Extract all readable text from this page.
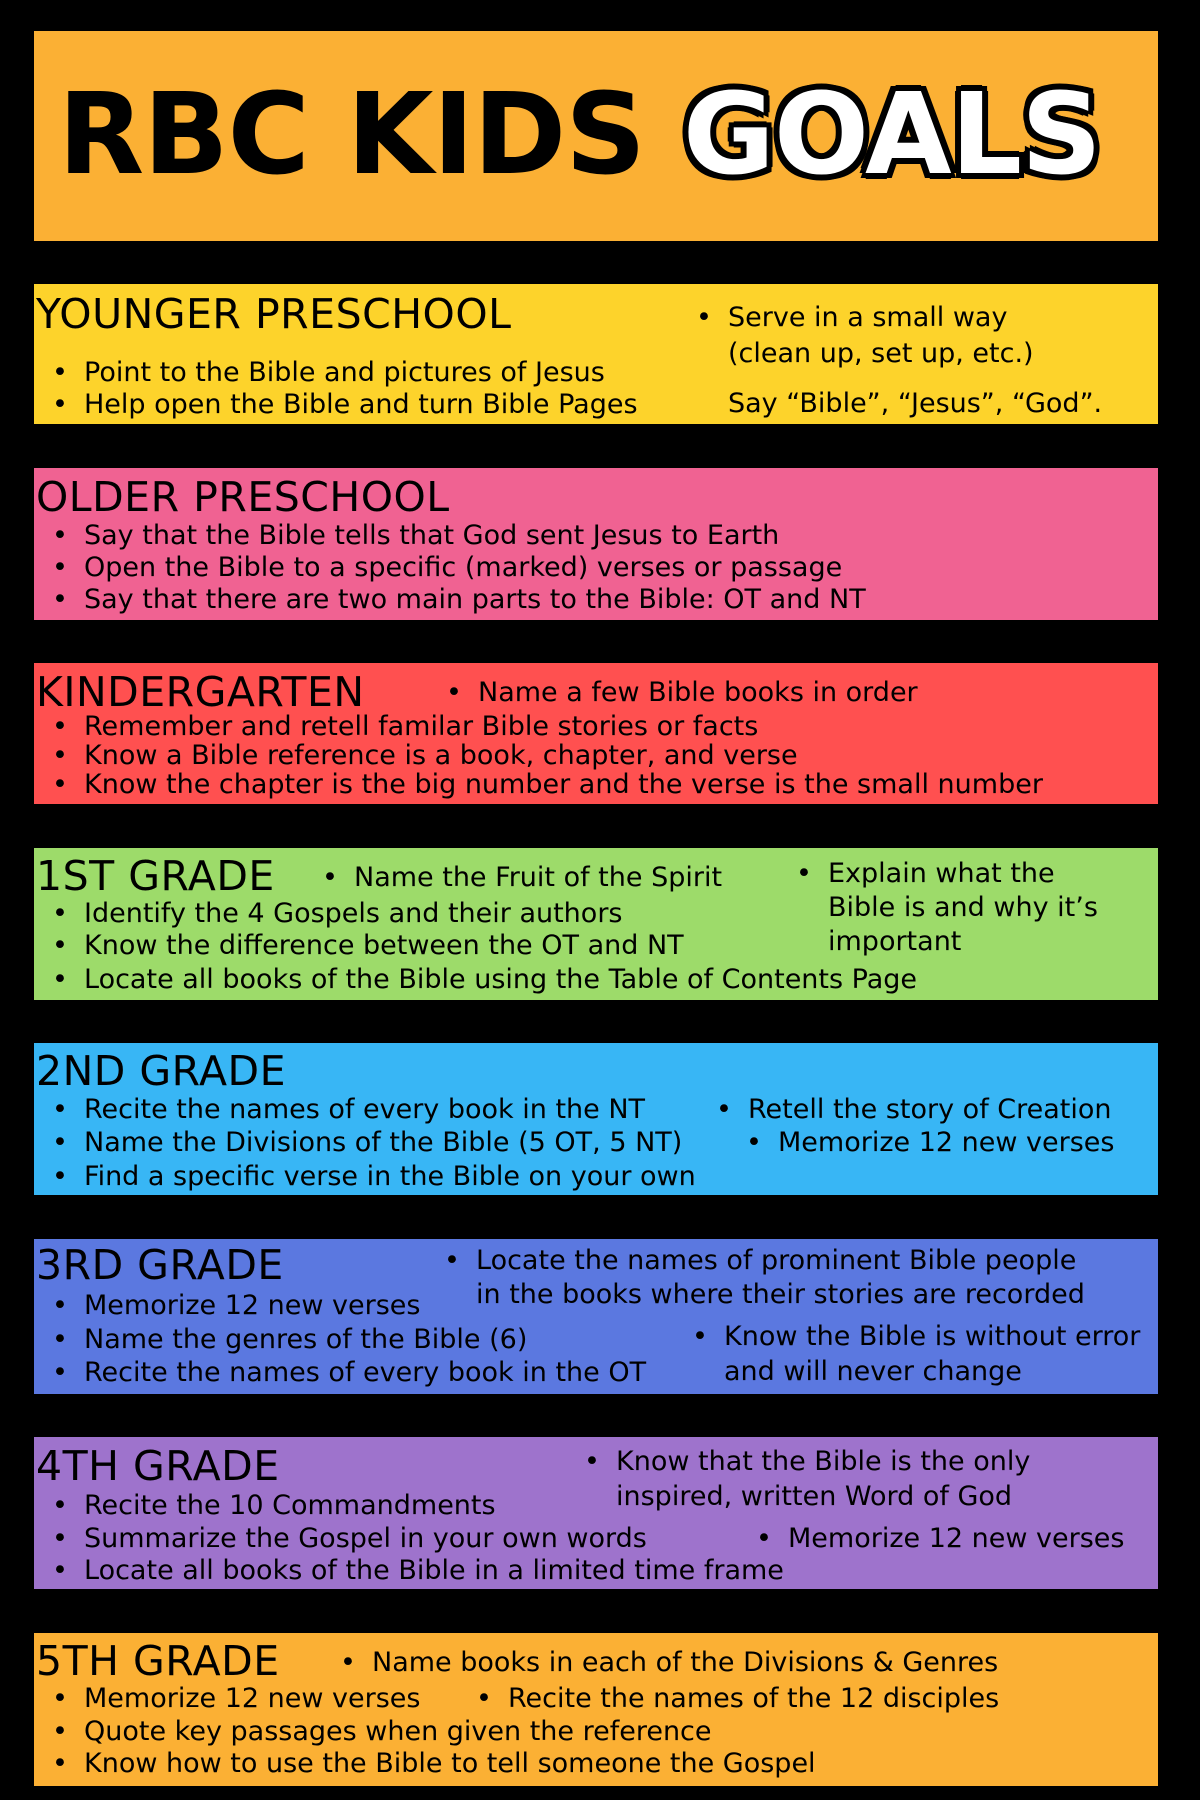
RBC KIDS GOALS
YOUNGER PRESCHOOL
• Point to the Bible and pictures of Jesus
• Help open the Bible and turn Bible Pages
• Serve in a small way
(clean up, set up, etc.)
Say “Bible”, “Jesus”, “God”.
OLDER PRESCHOOL
• Say that the Bible tells that God sent Jesus to Earth
• Open the Bible to a specific (marked) verses or passage
• Say that there are two main parts to the Bible: OT and NT
KINDERGARTEN	• Name a few Bible books in order
• Remember and retell familar Bible stories or facts
• Know a Bible reference is a book, chapter, and verse
• Know the chapter is the big number and the verse is the small number
1ST GRADE • Name the Fruit of the Spirit
• Identify the 4 Gospels and their authors
• Know the difference between the OT and NT
• Locate all books of the Bible using the Table of Contents Page
• Explain what the
Bible is and why it’s
important
2ND GRADE
• Recite the names of every book in the NT
• Name the Divisions of the Bible (5 OT, 5 NT)
• Find a specific verse in the Bible on your own
• Retell the story of Creation
• Memorize 12 new verses
3RD GRADE
• Memorize 12 new verses
• Name the genres of the Bible (6)
• Recite the names of every book in the OT
• Locate the names of prominent Bible people
in the books where their stories are recorded
• Know the Bible is without error
and will never change
4TH GRADE
• Recite the 10 Commandments
• Summarize the Gospel in your own words
• Locate all books of the Bible in a limited time frame
• Know that the Bible is the only
inspired, written Word of God
• Memorize 12 new verses
5TH GRADE • Name books in each of the Divisions & Genres
• Memorize 12 new verses
• Quote key passages when given the reference
• Know how to use the Bible to tell someone the Gospel
• Recite the names of the 12 disciples
